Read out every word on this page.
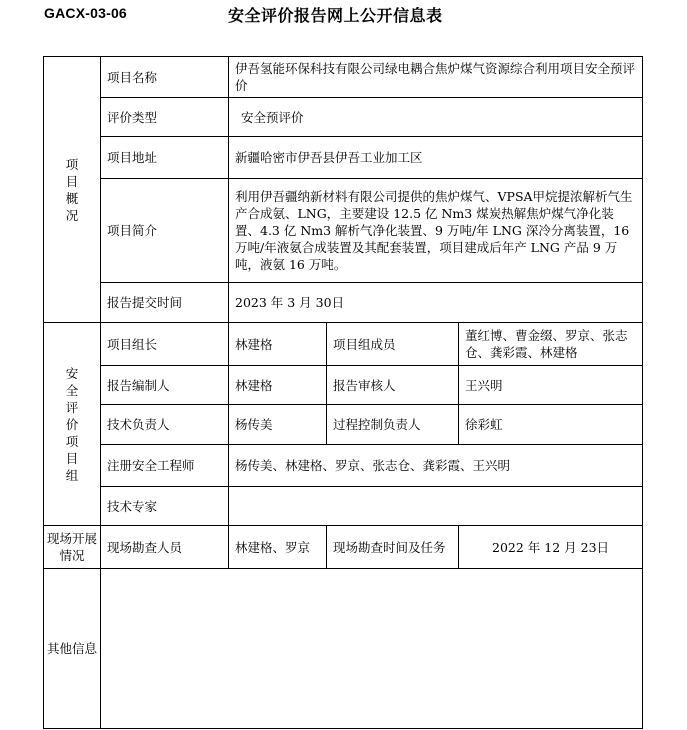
GACX-03-06	安全评价报告网上公开信息表
项目概况	项目名称	伊吾氢能环保科技有限公司绿电耦合焦炉煤气资源综合利用项目安全预评价		
	评价类型	安全预评价		
	项目地址	新疆哈密市伊吾县伊吾工业加工区		
	项目简介	利用伊吾疆纳新材料有限公司提供的焦炉煤气、VPSA甲烷提浓解析气生产合成氨、LNG，主要建设 12.5 亿 Nm3 煤炭热解焦炉煤气净化装置、4.3 亿 Nm3 解析气净化装置、9 万吨/年 LNG 深冷分离装置，16 万吨/年液氨合成装置及其配套装置，项目建成后年产 LNG 产品 9 万吨，液氨 16 万吨。		
	报告提交时间	2023 年 3 月 30日		
安全评价项目组	项目组长	林建格	项目组成员	董红博、曹金缀、罗京、张志仓、龚彩霞、林建格
	报告编制人	林建格	报告审核人	王兴明
	技术负责人	杨传美	过程控制负责人	徐彩虹
	注册安全工程师	杨传美、林建格、罗京、张志仓、龚彩霞、王兴明		
	技术专家			
现场开展情况	现场勘查人员	林建格、罗京	现场勘查时间及任务	2022 年 12 月 23日
其他信息				
